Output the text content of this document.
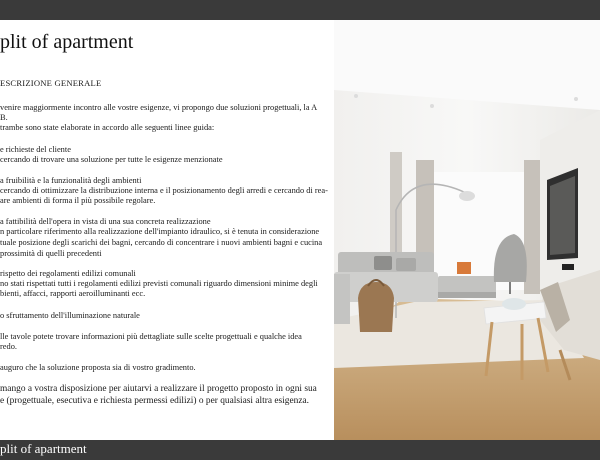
plit of apartment
ESCRIZIONE GENERALE
venire maggiormente incontro alle vostre esigenze, vi propongo due soluzioni progettuali, la A
B.
trambe sono state elaborate in accordo alle seguenti linee guida:
e richieste del cliente
cercando di trovare una soluzione per tutte le esigenze menzionate
a fruibilità e la funzionalità degli ambienti
cercando di ottimizzare la distribuzione interna e il posizionamento degli arredi e cercando di rea-
are ambienti di forma il più possibile regolare.
a fattibilità dell'opera in vista di una sua concreta realizzazione
n particolare riferimento alla realizzazione dell'impianto idraulico, si è tenuta in considerazione
tuale posizione degli scarichi dei bagni, cercando di concentrare i nuovi ambienti bagni e cucina
prossimità di quelli precedenti
rispetto dei regolamenti edilizi comunali
no stati rispettati tutti i regolamenti edilizi previsti comunali riguardo dimensioni minime degli
bienti, affacci, rapporti aeroilluminanti ecc.
o sfruttamento dell'illuminazione naturale
lle tavole potete trovare informazioni più dettagliate sulle scelte progettuali e qualche idea
redo.
auguro che la soluzione proposta sia di vostro gradimento.
mango a vostra disposizione per aiutarvi a realizzare il progetto proposto in ogni sua
e (progettuale, esecutiva e richiesta permessi edilizi) o per qualsiasi altra esigenza.
plit of apartment
